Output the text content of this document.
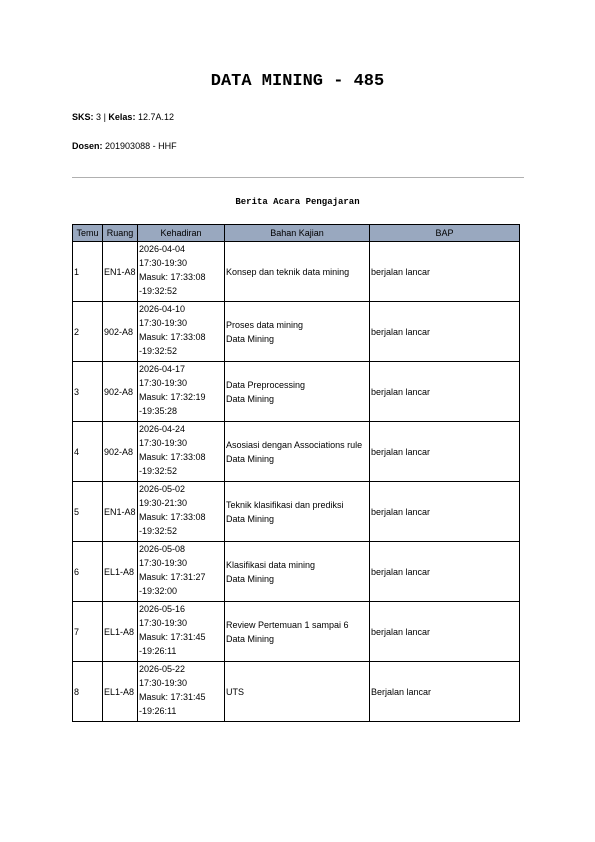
DATA MINING - 485
SKS: 3 | Kelas: 12.7A.12
Dosen: 201903088 - HHF
Berita Acara Pengajaran
Temu	Ruang	Kehadiran	Bahan Kajian	BAP
1	EN1-A8	2026-04-04
17:30-19:30
Masuk: 17:33:08
-19:32:52	Konsep dan teknik data mining	berjalan lancar
2	902-A8	2026-04-10
17:30-19:30
Masuk: 17:33:08
-19:32:52	Proses data mining
Data Mining	berjalan lancar
3	902-A8	2026-04-17
17:30-19:30
Masuk: 17:32:19
-19:35:28	Data Preprocessing
Data Mining	berjalan lancar
4	902-A8	2026-04-24
17:30-19:30
Masuk: 17:33:08
-19:32:52	Asosiasi dengan Associations rule
Data Mining	berjalan lancar
5	EN1-A8	2026-05-02
19:30-21:30
Masuk: 17:33:08
-19:32:52	Teknik klasifikasi dan prediksi
Data Mining	berjalan lancar
6	EL1-A8	2026-05-08
17:30-19:30
Masuk: 17:31:27
-19:32:00	Klasifikasi data mining
Data Mining	berjalan lancar
7	EL1-A8	2026-05-16
17:30-19:30
Masuk: 17:31:45
-19:26:11	Review Pertemuan 1 sampai 6
Data Mining	berjalan lancar
8	EL1-A8	2026-05-22
17:30-19:30
Masuk: 17:31:45
-19:26:11	UTS	Berjalan lancar
